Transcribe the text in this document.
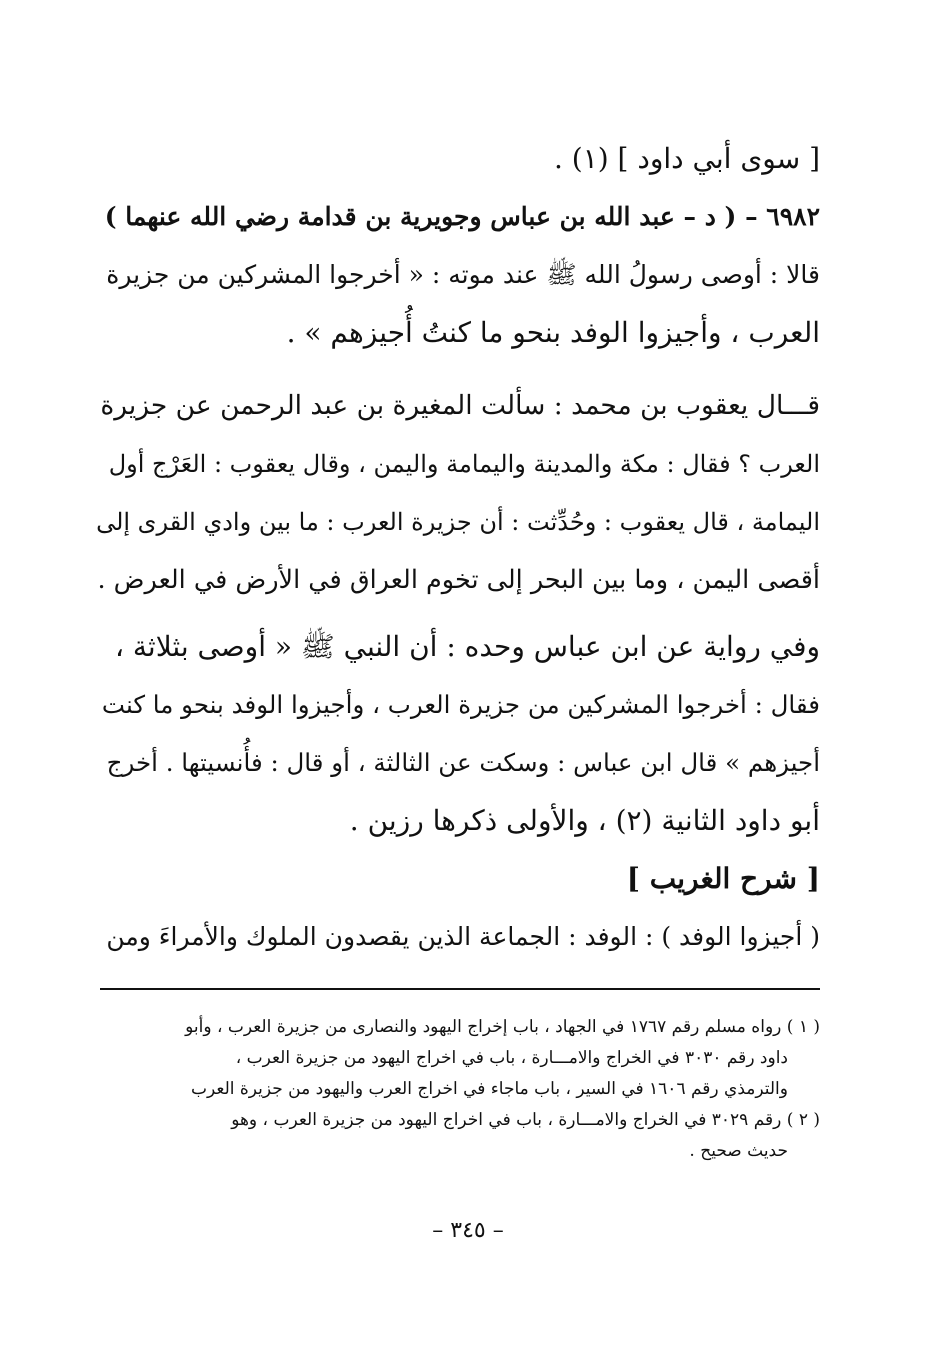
[ سوى أبي داود ] (١) .
٦٩٨٢ – ( د – عبد الله بن عباس وجويرية بن قدامة رضي الله عنهما )
قالا : أوصى رسولُ الله ﷺ عند موته : « أخرجوا المشركين من جزيرة
العرب ، وأجيزوا الوفد بنحو ما كنتُ أُجيزهم » .
قـــال يعقوب بن محمد : سألت المغيرة بن عبد الرحمن عن جزيرة
العرب ؟ فقال : مكة والمدينة واليمامة واليمن ، وقال يعقوب : العَرْج أول
اليمامة ، قال يعقوب : وحُدِّثت : أن جزيرة العرب : ما بين وادي القرى إلى
أقصى اليمن ، وما بين البحر إلى تخوم العراق في الأرض في العرض .
وفي رواية عن ابن عباس وحده : أن النبي ﷺ « أوصى بثلاثة ،
فقال : أخرجوا المشركين من جزيرة العرب ، وأجيزوا الوفد بنحو ما كنت
أجيزهم » قال ابن عباس : وسكت عن الثالثة ، أو قال : فأُنسيتها . أخرج
أبو داود الثانية (٢) ، والأولى ذكرها رزين .
[ شرح الغريب ]
( أجيزوا الوفد ) : الوفد : الجماعة الذين يقصدون الملوك والأمراءَ ومن
( ١ ) رواه مسلم رقم ١٧٦٧ في الجهاد ، باب إخراج اليهود والنصارى من جزيرة العرب ، وأبو
داود رقم ٣٠٣٠ في الخراج والامـــارة ، باب في اخراج اليهود من جزيرة العرب ،
والترمذي رقم ١٦٠٦ في السير ، باب ماجاء في اخراج العرب واليهود من جزيرة العرب
( ٢ ) رقم ٣٠٢٩ في الخراج والامـــارة ، باب في اخراج اليهود من جزيرة العرب ، وهو
حديث صحيح .
– ٣٤٥ –
